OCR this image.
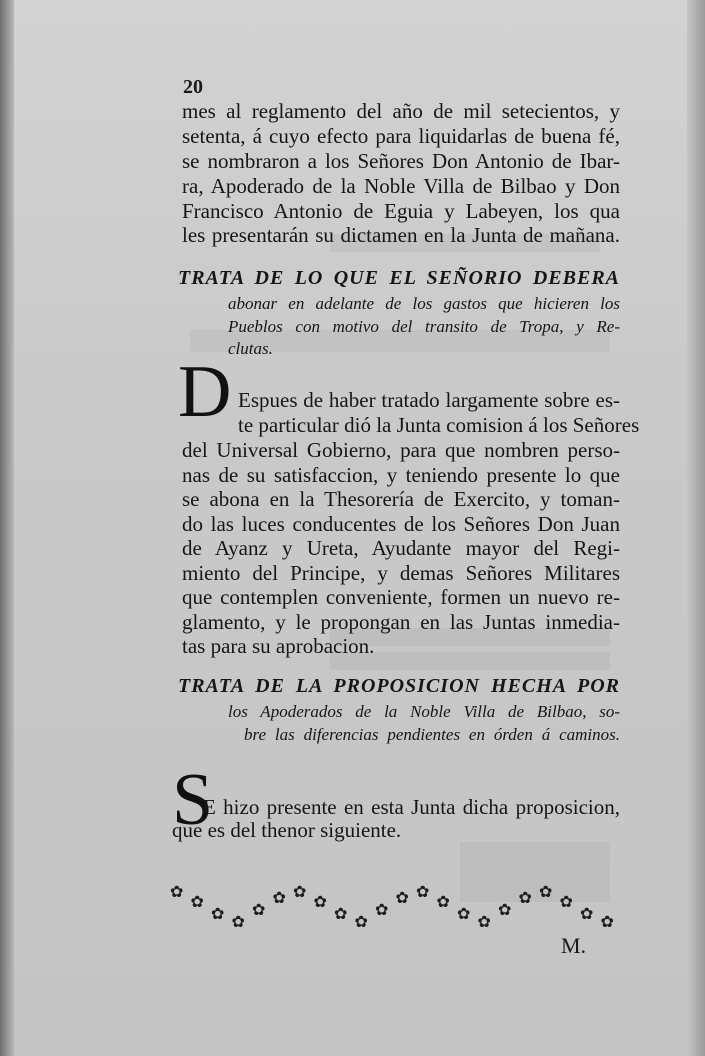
20
mes al reglamento del año de mil setecientos, y
setenta, á cuyo efecto para liquidarlas de buena fé,
se nombraron a los Señores Don Antonio de Ibar-
ra, Apoderado de la Noble Villa de Bilbao y Don
Francisco Antonio de Eguia y Labeyen, los qua
les presentarán su dictamen en la Junta de mañana.
TRATA DE LO QUE EL SEÑORIO DEBERA
abonar en adelante de los gastos que hicieren los
Pueblos con motivo del transito de Tropa, y Re-
clutas.
D Espues de haber tratado largamente sobre es-
te particular dió la Junta comision á los Señores
del Universal Gobierno, para que nombren perso-
nas de su satisfaccion, y teniendo presente lo que
se abona en la Thesorería de Exercito, y toman-
do las luces conducentes de los Señores Don Juan
de Ayanz y Ureta, Ayudante mayor del Regi-
miento del Principe, y demas Señores Militares
que contemplen conveniente, formen un nuevo re-
glamento, y le propongan en las Juntas inmedia-
tas para su aprobacion.
TRATA DE LA PROPOSICION HECHA POR
los Apoderados de la Noble Villa de Bilbao, so-
bre las diferencias pendientes en órden á caminos.
S
E hizo presente en esta Junta dicha proposicion,
que es del thenor siguiente.
✿
✿
✿ ✿
✿
✿ ✿
✿
✿ ✿
✿
✿ ✿
✿
✿ ✿
✿
✿ ✿
✿
✿ ✿
M.
